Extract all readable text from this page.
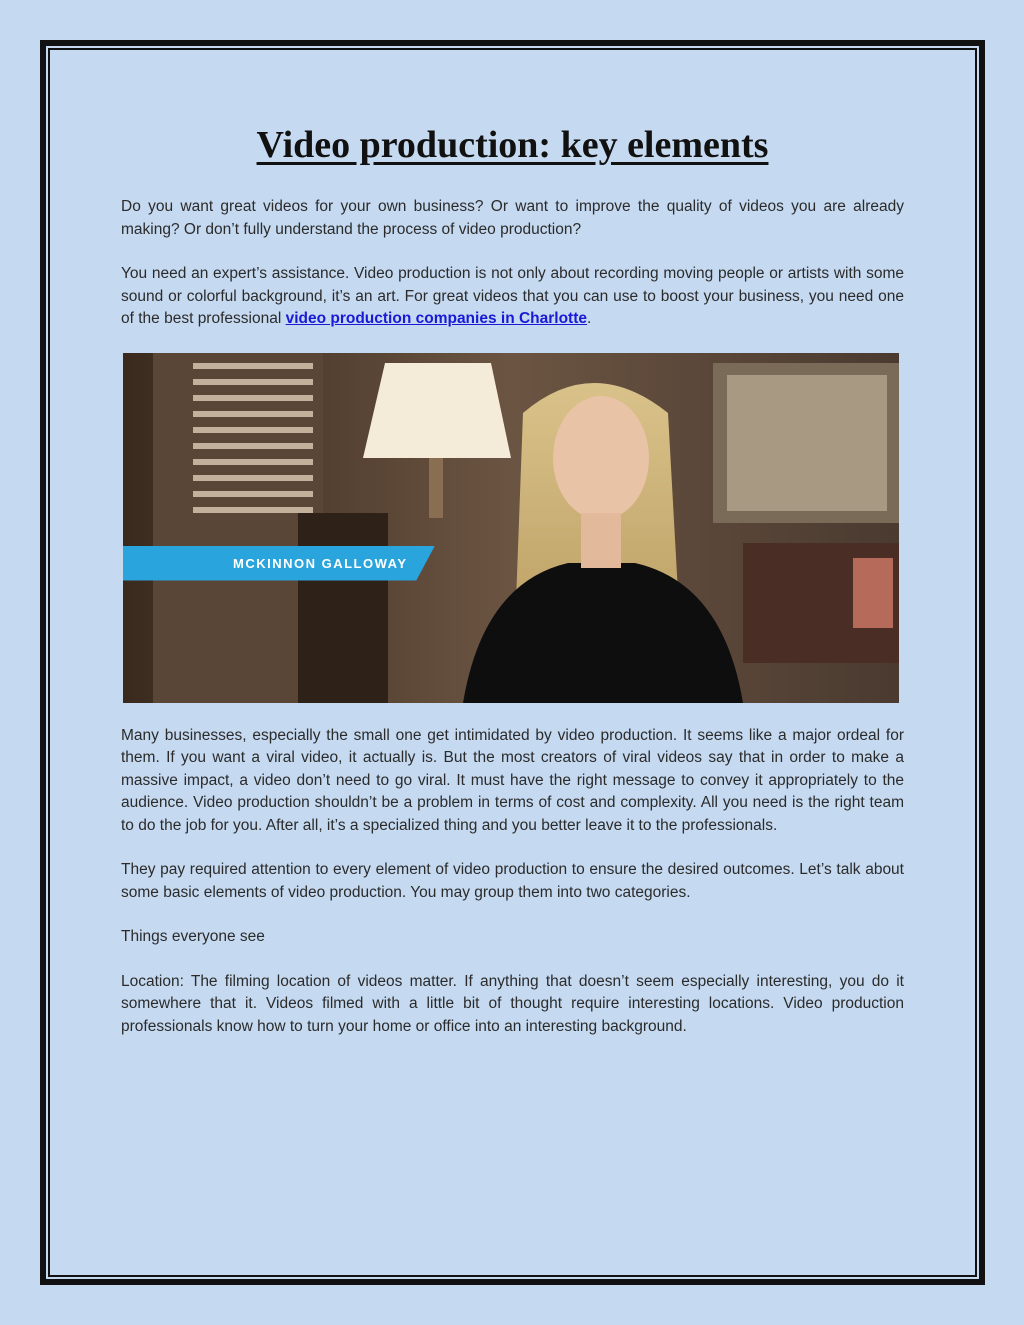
Video production: key elements

Do you want great videos for your own business? Or want to improve the quality of videos you are already making? Or don’t fully understand the process of video production?

You need an expert’s assistance. Video production is not only about recording moving people or artists with some sound or colorful background, it’s an art. For great videos that you can use to boost your business, you need one of the best professional video production companies in Charlotte.

MCKINNON GALLOWAY

Many businesses, especially the small one get intimidated by video production. It seems like a major ordeal for them. If you want a viral video, it actually is. But the most creators of viral videos say that in order to make a massive impact, a video don’t need to go viral. It must have the right message to convey it appropriately to the audience. Video production shouldn’t be a problem in terms of cost and complexity. All you need is the right team to do the job for you. After all, it’s a specialized thing and you better leave it to the professionals.

They pay required attention to every element of video production to ensure the desired outcomes. Let’s talk about some basic elements of video production. You may group them into two categories.

Things everyone see

Location: The filming location of videos matter. If anything that doesn’t seem especially interesting, you do it somewhere that it. Videos filmed with a little bit of thought require interesting locations. Video production professionals know how to turn your home or office into an interesting background.
